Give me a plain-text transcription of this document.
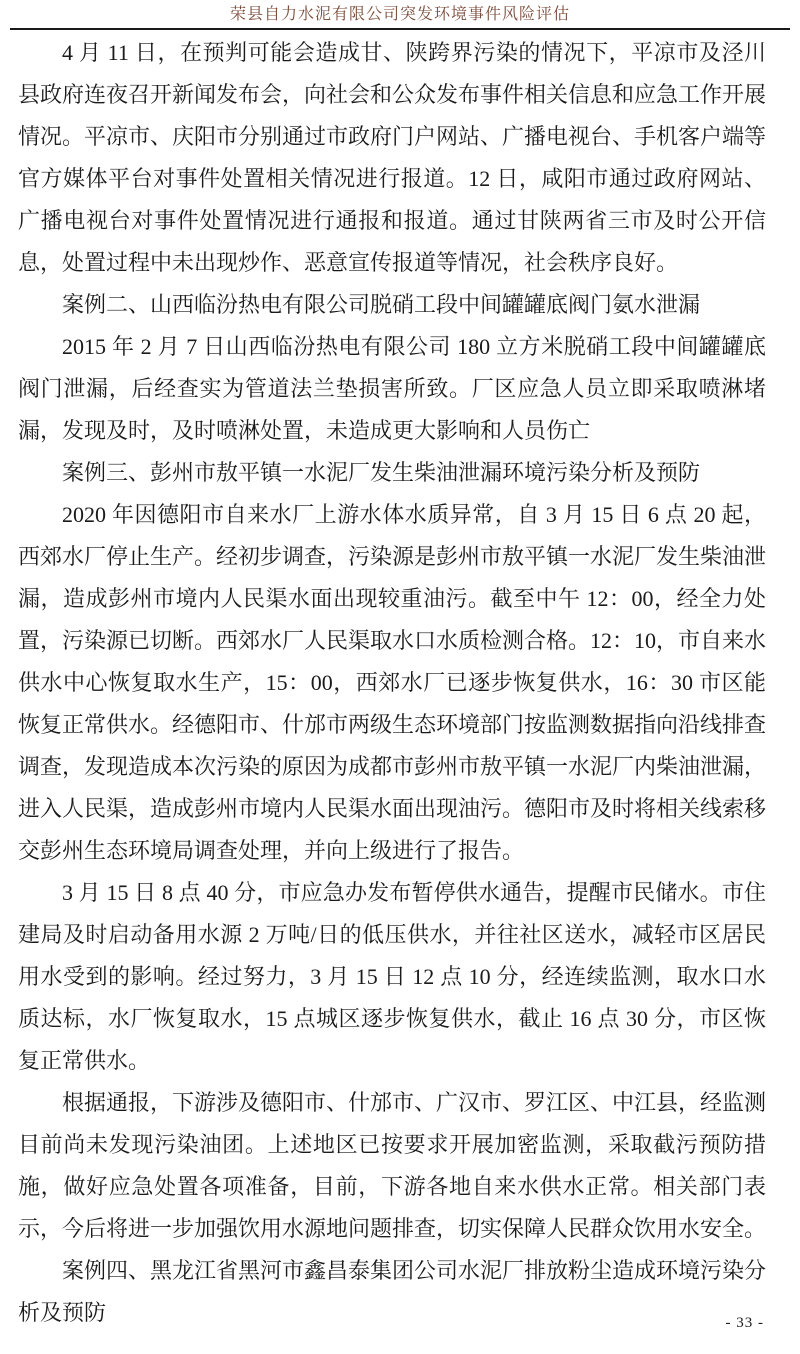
荣县自力水泥有限公司突发环境事件风险评估

4 月 11 日，在预判可能会造成甘、陕跨界污染的情况下，平凉市及泾川县政府连夜召开新闻发布会，向社会和公众发布事件相关信息和应急工作开展情况。平凉市、庆阳市分别通过市政府门户网站、广播电视台、手机客户端等官方媒体平台对事件处置相关情况进行报道。12 日，咸阳市通过政府网站、广播电视台对事件处置情况进行通报和报道。通过甘陕两省三市及时公开信息，处置过程中未出现炒作、恶意宣传报道等情况，社会秩序良好。

案例二、山西临汾热电有限公司脱硝工段中间罐罐底阀门氨水泄漏

2015 年 2 月 7 日山西临汾热电有限公司 180 立方米脱硝工段中间罐罐底阀门泄漏，后经查实为管道法兰垫损害所致。厂区应急人员立即采取喷淋堵漏，发现及时，及时喷淋处置，未造成更大影响和人员伤亡

案例三、彭州市敖平镇一水泥厂发生柴油泄漏环境污染分析及预防

2020 年因德阳市自来水厂上游水体水质异常，自 3 月 15 日 6 点 20 起，西郊水厂停止生产。经初步调查，污染源是彭州市敖平镇一水泥厂发生柴油泄漏，造成彭州市境内人民渠水面出现较重油污。截至中午 12：00，经全力处置，污染源已切断。西郊水厂人民渠取水口水质检测合格。12：10，市自来水供水中心恢复取水生产，15：00，西郊水厂已逐步恢复供水，16：30 市区能恢复正常供水。经德阳市、什邡市两级生态环境部门按监测数据指向沿线排查调查，发现造成本次污染的原因为成都市彭州市敖平镇一水泥厂内柴油泄漏，进入人民渠，造成彭州市境内人民渠水面出现油污。德阳市及时将相关线索移交彭州生态环境局调查处理，并向上级进行了报告。

3 月 15 日 8 点 40 分，市应急办发布暂停供水通告，提醒市民储水。市住建局及时启动备用水源 2 万吨/日的低压供水，并往社区送水，减轻市区居民用水受到的影响。经过努力，3 月 15 日 12 点 10 分，经连续监测，取水口水质达标，水厂恢复取水，15 点城区逐步恢复供水，截止 16 点 30 分，市区恢复正常供水。

根据通报，下游涉及德阳市、什邡市、广汉市、罗江区、中江县，经监测目前尚未发现污染油团。上述地区已按要求开展加密监测，采取截污预防措施，做好应急处置各项准备，目前，下游各地自来水供水正常。相关部门表示，今后将进一步加强饮用水源地问题排查，切实保障人民群众饮用水安全。

案例四、黑龙江省黑河市鑫昌泰集团公司水泥厂排放粉尘造成环境污染分析及预防	- 33 -
